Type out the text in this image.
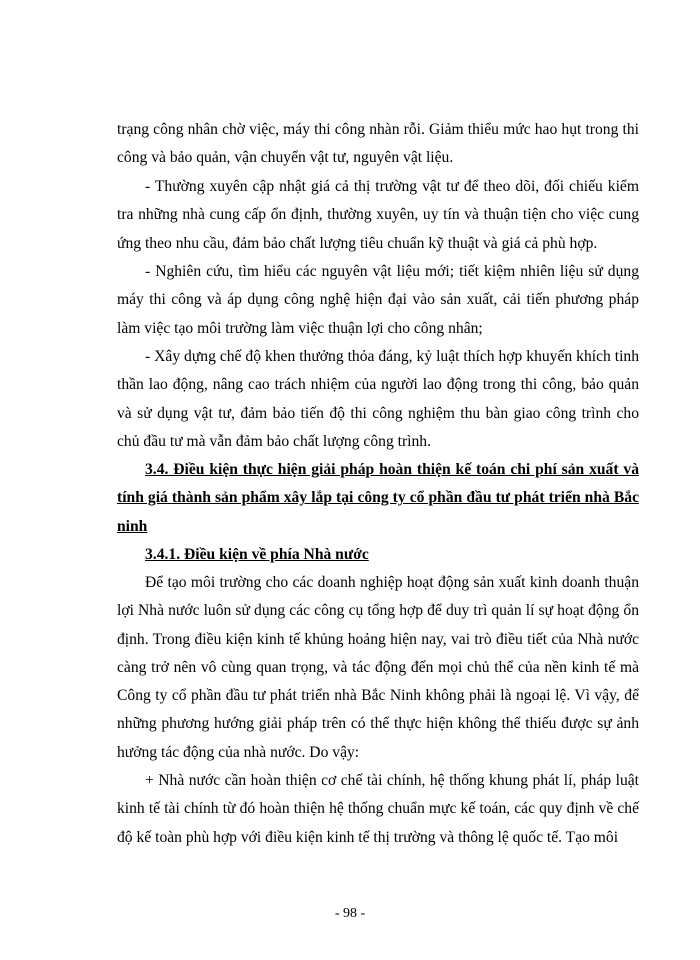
trạng công nhân chờ việc, máy thi công nhàn rỗi. Giảm thiểu mức hao hụt trong thi công và bảo quản, vận chuyển vật tư, nguyên vật liệu.

- Thường xuyên cập nhật giá cả thị trường vật tư để theo dõi, đối chiếu kiểm tra những nhà cung cấp ổn định, thường xuyên, uy tín và thuận tiện cho việc cung ứng theo nhu cầu, đảm bảo chất lượng tiêu chuẩn kỹ thuật và giá cả phù hợp.

- Nghiên cứu, tìm hiểu các nguyên vật liệu mới; tiết kiệm nhiên liệu sử dụng máy thi công và áp dụng công nghệ hiện đại vào sản xuất, cải tiến phương pháp làm việc tạo môi trường làm việc thuận lợi cho công nhân;

- Xây dựng chế độ khen thưởng thỏa đáng, kỷ luật thích hợp khuyến khích tinh thần lao động, nâng cao trách nhiệm của người lao động trong thi công, bảo quản và sử dụng vật tư, đảm bảo tiến độ thi công nghiệm thu bàn giao công trình cho chủ đầu tư mà vẫn đảm bảo chất lượng công trình.

3.4. Điều kiện thực hiện giải pháp hoàn thiện kế toán chi phí sản xuất và tính giá thành sản phẩm xây lắp tại công ty cổ phần đầu tư phát triển nhà Bắc ninh

3.4.1. Điều kiện về phía Nhà nước

Để tạo môi trường cho các doanh nghiệp hoạt động sản xuất kinh doanh thuận lợi Nhà nước luôn sử dụng các công cụ tổng hợp để duy trì quản lí sự hoạt động ổn định. Trong điều kiện kinh tế khủng hoảng hiện nay, vai trò điều tiết của Nhà nước càng trở nên vô cùng quan trọng, và tác động đến mọi chủ thể của nền kinh tế mà Công ty cổ phần đầu tư phát triển nhà Bắc Ninh không phải là ngoại lệ. Vì vậy, để những phương hướng giải pháp trên có thể thực hiện không thể thiếu được sự ảnh hưởng tác động của nhà nước. Do vậy:

+ Nhà nước cần hoàn thiện cơ chế tài chính, hệ thống khung phát lí, pháp luật kinh tế tài chính từ đó hoàn thiện hệ thống chuẩn mực kế toán, các quy định về chế độ kế toàn phù hợp với điều kiện kinh tế thị trường và thông lệ quốc tế. Tạo môi

- 98 -
